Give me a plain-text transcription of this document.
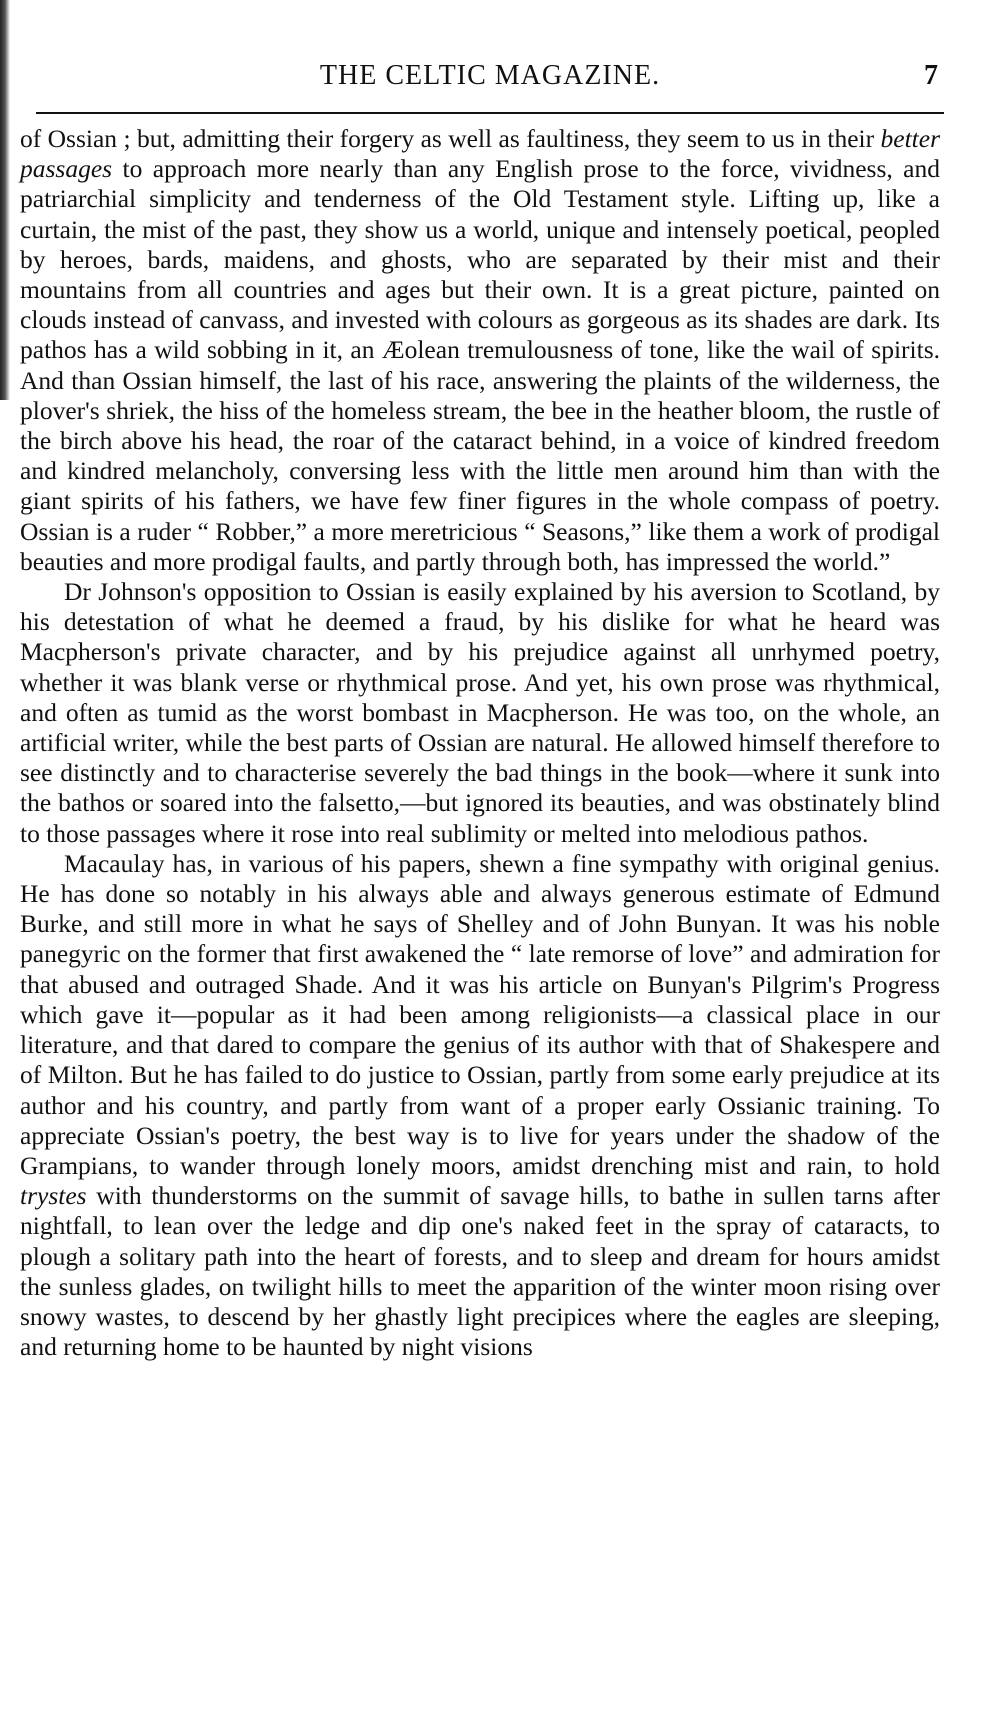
THE CELTIC MAGAZINE.	7

of Ossian ; but, admitting their forgery as well as faultiness, they seem to us in their better passages to approach more nearly than any English prose to the force, vividness, and patriarchial simplicity and tenderness of the Old Testament style. Lifting up, like a curtain, the mist of the past, they show us a world, unique and intensely poetical, peopled by heroes, bards, maidens, and ghosts, who are separated by their mist and their mountains from all countries and ages but their own. It is a great picture, painted on clouds instead of canvass, and invested with colours as gorgeous as its shades are dark. Its pathos has a wild sobbing in it, an Æolean tremulousness of tone, like the wail of spirits. And than Ossian himself, the last of his race, answering the plaints of the wilderness, the plover's shriek, the hiss of the homeless stream, the bee in the heather bloom, the rustle of the birch above his head, the roar of the cataract behind, in a voice of kindred freedom and kindred melancholy, conversing less with the little men around him than with the giant spirits of his fathers, we have few finer figures in the whole compass of poetry. Ossian is a ruder “ Robber,” a more meretricious “ Seasons,” like them a work of prodigal beauties and more prodigal faults, and partly through both, has impressed the world.”

Dr Johnson's opposition to Ossian is easily explained by his aversion to Scotland, by his detestation of what he deemed a fraud, by his dislike for what he heard was Macpherson's private character, and by his prejudice against all unrhymed poetry, whether it was blank verse or rhythmical prose. And yet, his own prose was rhythmical, and often as tumid as the worst bombast in Macpherson. He was too, on the whole, an artificial writer, while the best parts of Ossian are natural. He allowed himself therefore to see distinctly and to characterise severely the bad things in the book—where it sunk into the bathos or soared into the falsetto,—but ignored its beauties, and was obstinately blind to those passages where it rose into real sublimity or melted into melodious pathos.

Macaulay has, in various of his papers, shewn a fine sympathy with original genius. He has done so notably in his always able and always generous estimate of Edmund Burke, and still more in what he says of Shelley and of John Bunyan. It was his noble panegyric on the former that first awakened the “ late remorse of love” and admiration for that abused and outraged Shade. And it was his article on Bunyan's Pilgrim's Progress which gave it—popular as it had been among religionists—a classical place in our literature, and that dared to compare the genius of its author with that of Shakespere and of Milton. But he has failed to do justice to Ossian, partly from some early prejudice at its author and his country, and partly from want of a proper early Ossianic training. To appreciate Ossian's poetry, the best way is to live for years under the shadow of the Grampians, to wander through lonely moors, amidst drenching mist and rain, to hold trystes with thunderstorms on the summit of savage hills, to bathe in sullen tarns after nightfall, to lean over the ledge and dip one's naked feet in the spray of cataracts, to plough a solitary path into the heart of forests, and to sleep and dream for hours amidst the sunless glades, on twilight hills to meet the apparition of the winter moon rising over snowy wastes, to descend by her ghastly light precipices where the eagles are sleeping, and returning home to be haunted by night visions
